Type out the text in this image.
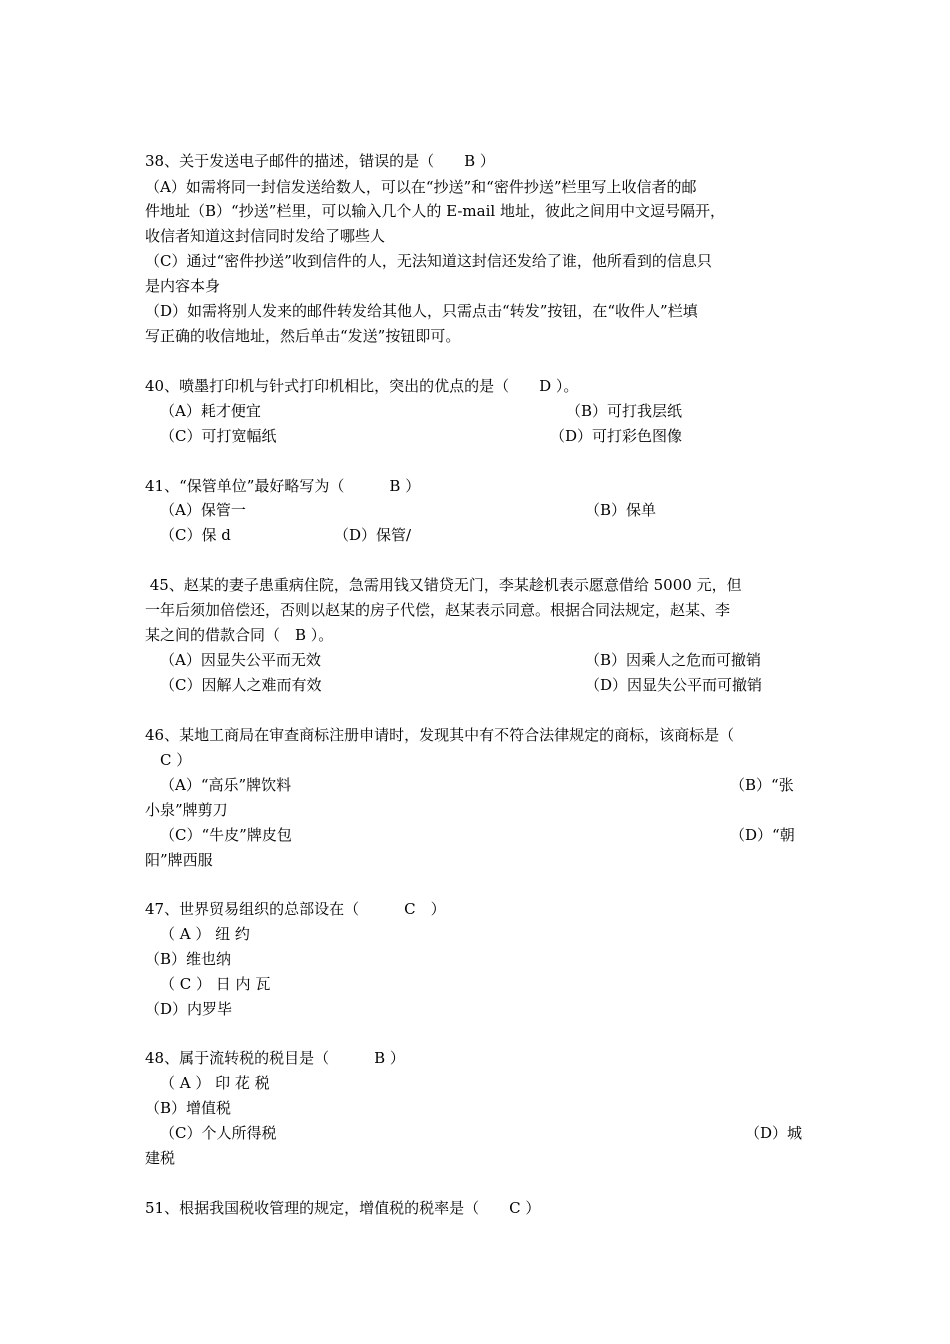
38、关于发送电子邮件的描述，错误的是（　　B ）
（A）如需将同一封信发送给数人，可以在“抄送”和“密件抄送”栏里写上收信者的邮
件地址（B）“抄送”栏里，可以输入几个人的 E-mail 地址，彼此之间用中文逗号隔开，
收信者知道这封信同时发给了哪些人
（C）通过“密件抄送”收到信件的人，无法知道这封信还发给了谁，他所看到的信息只
是内容本身
（D）如需将别人发来的邮件转发给其他人，只需点击“转发”按钮，在“收件人”栏填
写正确的收信地址，然后单击“发送”按钮即可。
40、喷墨打印机与针式打印机相比，突出的优点的是（　　D ）。
（A）耗才便宜	（B）可打我层纸
（C）可打宽幅纸	（D）可打彩色图像
41、“保管单位”最好略写为（　　　B ）
（A）保管一	（B）保单
（C）保 d	（D）保管/
45、赵某的妻子患重病住院，急需用钱又错贷无门，李某趁机表示愿意借给 5000 元，但
一年后须加倍偿还，否则以赵某的房子代偿，赵某表示同意。根据合同法规定，赵某、李
某之间的借款合同（　B ）。
（A）因显失公平而无效	（B）因乘人之危而可撤销
（C）因解人之难而有效	（D）因显失公平而可撤销
46、某地工商局在审查商标注册申请时，发现其中有不符合法律规定的商标，该商标是（
　C ）
（A）“高乐”牌饮料	（B）“张
小泉”牌剪刀
（C）“牛皮”牌皮包	（D）“朝
阳”牌西服
47、世界贸易组织的总部设在（　　　C　）
（ A ） 纽 约
（B）维也纳
（ C ） 日 内 瓦
（D）内罗毕
48、属于流转税的税目是（　　　B ）
（ A ） 印 花 税
（B）增值税
（C）个人所得税	（D）城
建税
51、根据我国税收管理的规定，增值税的税率是（　　C ）
